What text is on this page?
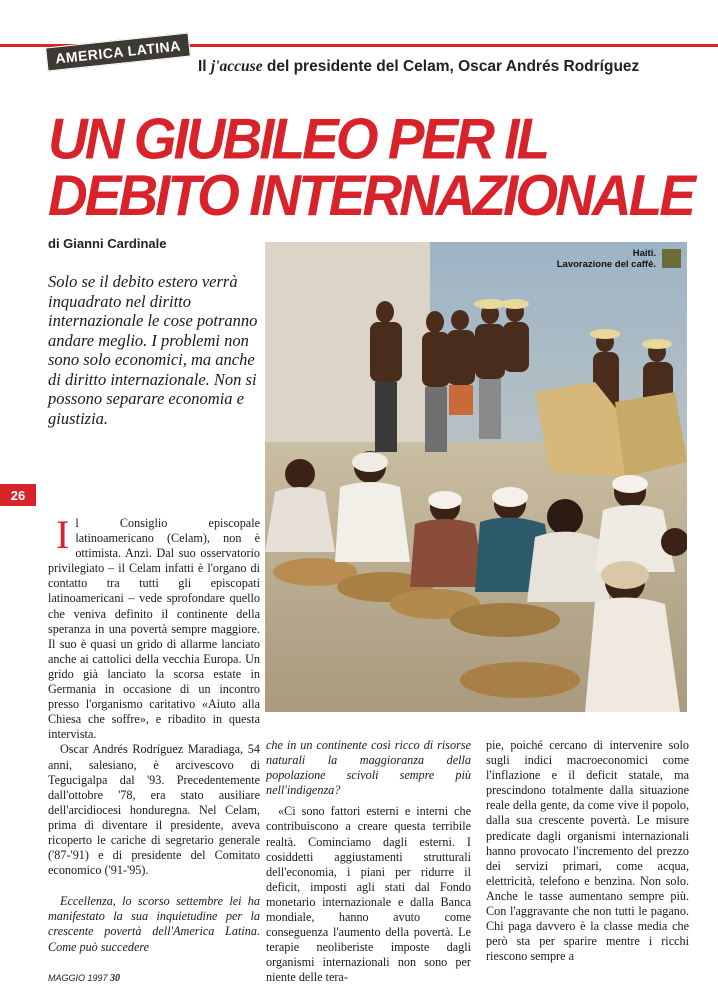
AMERICA LATINA	Il j'accuse del presidente del Celam, Oscar Andrés Rodríguez
UN GIUBILEO PER IL
DEBITO INTERNAZIONALE
di Gianni Cardinale
Solo se il debito estero verrà inquadrato nel diritto internazionale le cose potranno andare meglio. I problemi non sono solo economici, ma anche di diritto internazionale. Non si possono separare economia e giustizia.
26
Haiti.
Lavorazione del caffè.

Il Consiglio episcopale latinoamericano (Celam), non è ottimista. Anzi. Dal suo osservatorio privilegiato – il Celam infatti è l'organo di contatto tra tutti gli episcopati latinoamericani – vede sprofondare quello che veniva definito il continente della speranza in una povertà sempre maggiore. Il suo è quasi un grido di allarme lanciato anche ai cattolici della vecchia Europa. Un grido già lanciato la scorsa estate in Germania in occasione di un incontro presso l'organismo caritativo «Aiuto alla Chiesa che soffre», e ribadito in questa intervista.

Oscar Andrés Rodríguez Maradiaga, 54 anni, salesiano, è arcivescovo di Tegucigalpa dal '93. Precedentemente dall'ottobre '78, era stato ausiliare dell'arcidiocesi honduregna. Nel Celam, prima di diventare il presidente, aveva ricoperto le cariche di segretario generale ('87-'91) e di presidente del Comitato economico ('91-'95).

Eccellenza, lo scorso settembre lei ha manifestato la sua inquietudine per la crescente povertà dell'America Latina. Come può succedere

che in un continente così ricco di risorse naturali la maggioranza della popolazione scivoli sempre più nell'indigenza?

«Ci sono fattori esterni e interni che contribuiscono a creare questa terribile realtà. Cominciamo dagli esterni. I cosiddetti aggiustamenti strutturali dell'economia, i piani per ridurre il deficit, imposti agli stati dal Fondo monetario internazionale e dalla Banca mondiale, hanno avuto come conseguenza l'aumento della povertà. Le terapie neoliberiste imposte dagli organismi internazionali non sono per niente delle tera-

pie, poiché cercano di intervenire solo sugli indici macroeconomici come l'inflazione e il deficit statale, ma prescindono totalmente dalla situazione reale della gente, da come vive il popolo, dalla sua crescente povertà. Le misure predicate dagli organismi internazionali hanno provocato l'incremento del prezzo dei servizi primari, come acqua, elettricità, telefono e benzina. Non solo. Anche le tasse aumentano sempre più. Con l'aggravante che non tutti le pagano. Chi paga davvero è la classe media che però sta per sparire mentre i ricchi riescono sempre a

MAGGIO 1997 30
